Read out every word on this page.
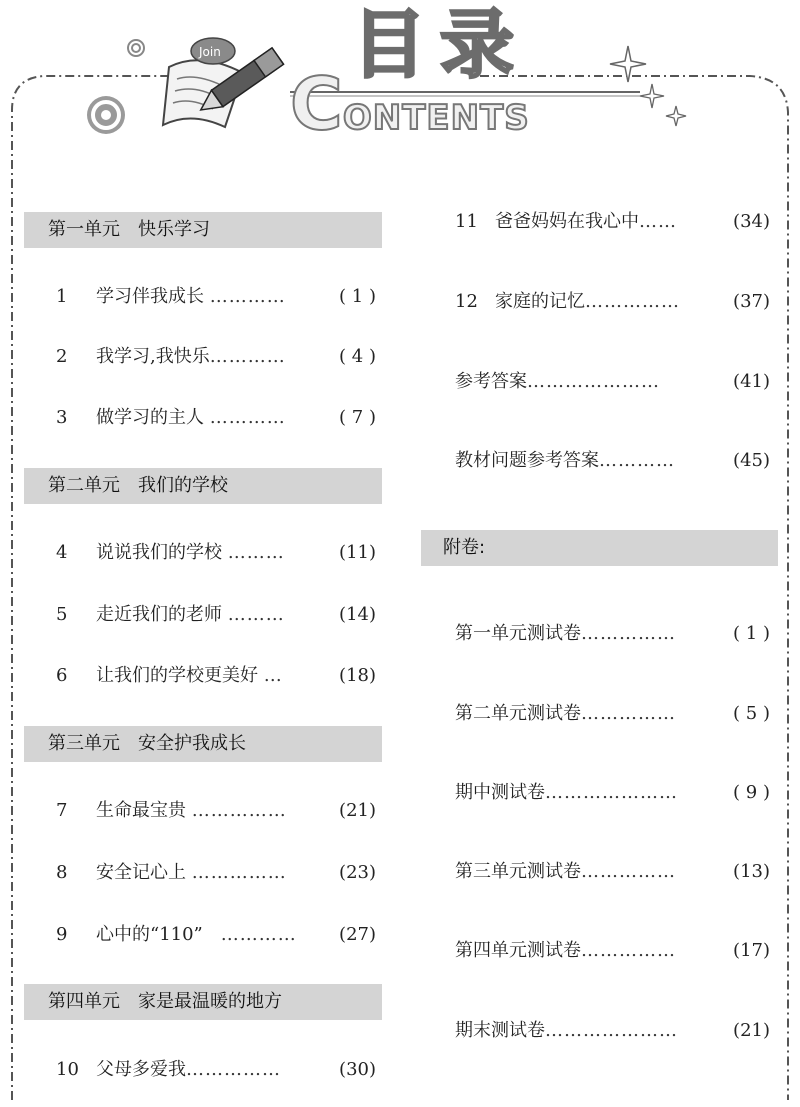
Join 目录
CONTENTS
第一单元　快乐学习
1 学习伴我成长 …………	( 1 )
2 我学习,我快乐…………	( 4 )
3 做学习的主人 …………	( 7 )
第二单元　我们的学校
4 说说我们的学校 ………	(11)
5 走近我们的老师 ………	(14)
6 让我们的学校更美好 …	(18)
第三单元　安全护我成长
7 生命最宝贵 ……………	(21)
8 安全记心上 ……………	(23)
9 心中的“110”　 ………… (27)
第四单元　家是最温暖的地方
10 父母多爱我……………	(30)
11 爸爸妈妈在我心中……	(34)
12 家庭的记忆……………	(37)
参考答案…………………	(41)
教材问题参考答案…………	(45)
附卷:
第一单元测试卷……………	( 1 )
第二单元测试卷……………	( 5 )
期中测试卷…………………	( 9 )
第三单元测试卷……………	(13)
第四单元测试卷……………	(17)
期末测试卷…………………	(21)
